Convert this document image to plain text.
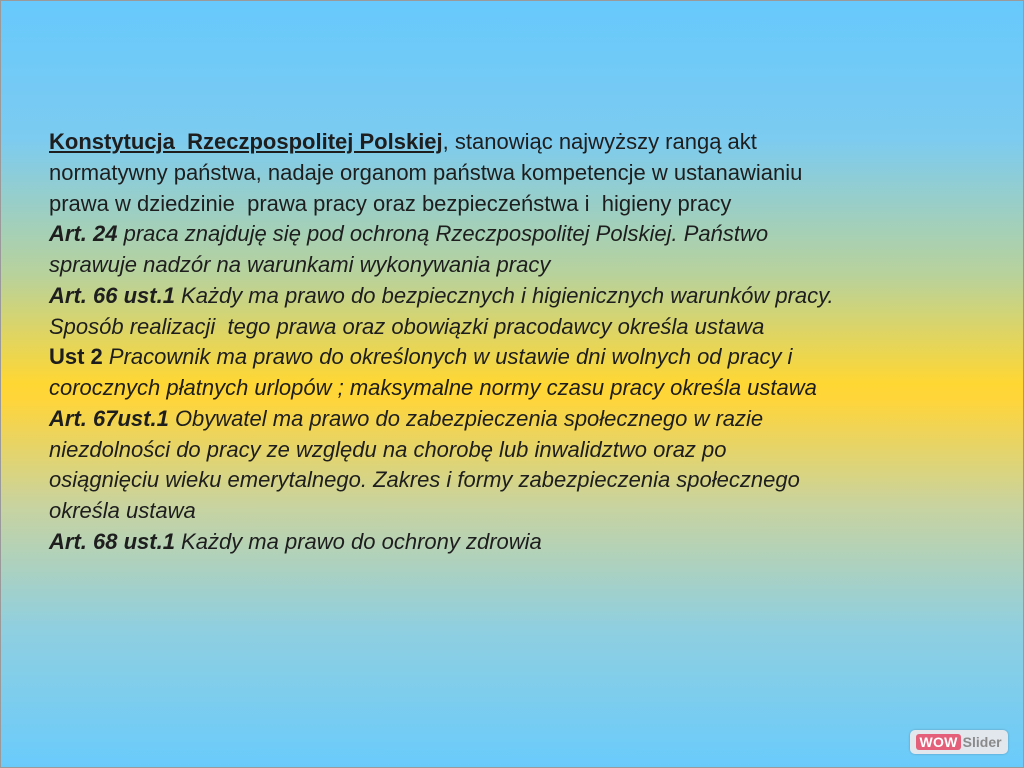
Konstytucja  Rzeczpospolitej Polskiej, stanowiąc najwyższy rangą akt
normatywny państwa, nadaje organom państwa kompetencje w ustanawianiu
prawa w dziedzinie  prawa pracy oraz bezpieczeństwa i  higieny pracy
Art. 24 praca znajduję się pod ochroną Rzeczpospolitej Polskiej. Państwo
sprawuje nadzór na warunkami wykonywania pracy
Art. 66 ust.1 Każdy ma prawo do bezpiecznych i higienicznych warunków pracy.
Sposób realizacji  tego prawa oraz obowiązki pracodawcy określa ustawa
Ust 2 Pracownik ma prawo do określonych w ustawie dni wolnych od pracy i
corocznych płatnych urlopów ; maksymalne normy czasu pracy określa ustawa
Art. 67ust.1 Obywatel ma prawo do zabezpieczenia społecznego w razie
niezdolności do pracy ze względu na chorobę lub inwalidztwo oraz po
osiągnięciu wieku emerytalnego. Zakres i formy zabezpieczenia społecznego
określa ustawa
Art. 68 ust.1 Każdy ma prawo do ochrony zdrowia
WOW Slider
